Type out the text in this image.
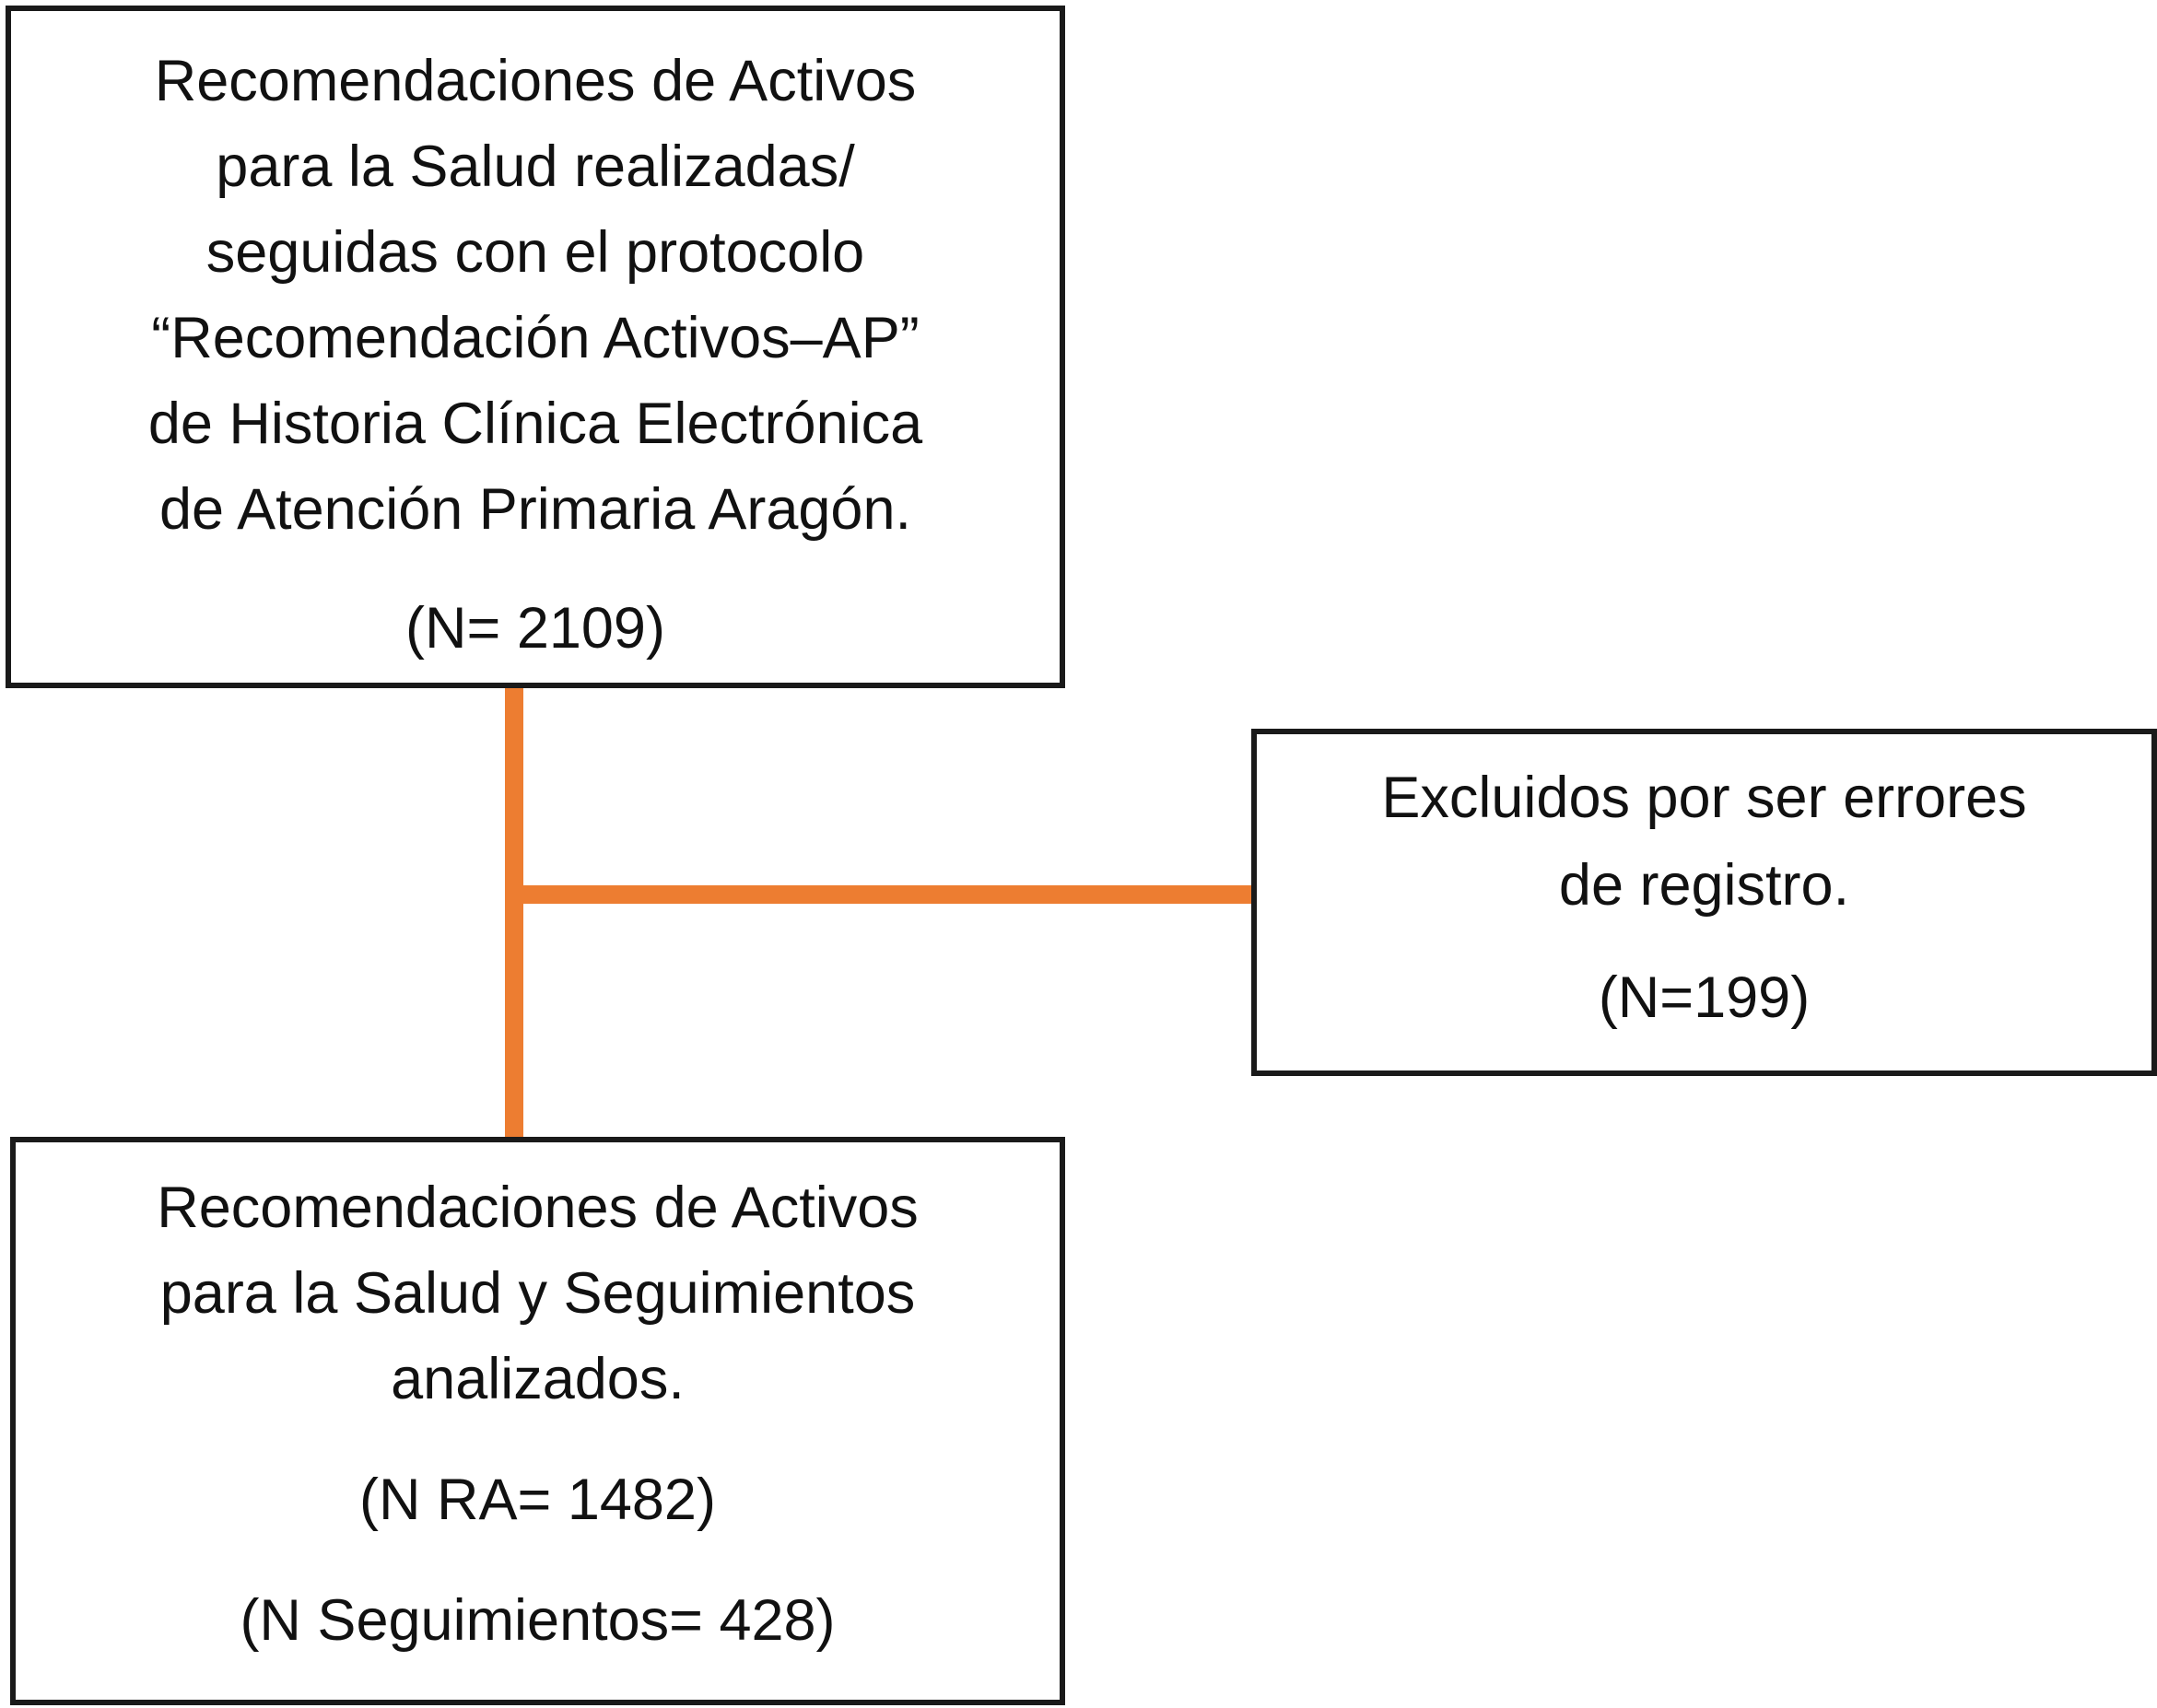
Recomendaciones de Activos
para la Salud realizadas/
seguidas con el protocolo
“Recomendación Activos–AP”
de Historia Clínica Electrónica
de Atención Primaria Aragón.
(N= 2109)
Excluidos por ser errores
de registro.
(N=199)
Recomendaciones de Activos
para la Salud y Seguimientos
analizados.
(N RA= 1482)
(N Seguimientos= 428)
